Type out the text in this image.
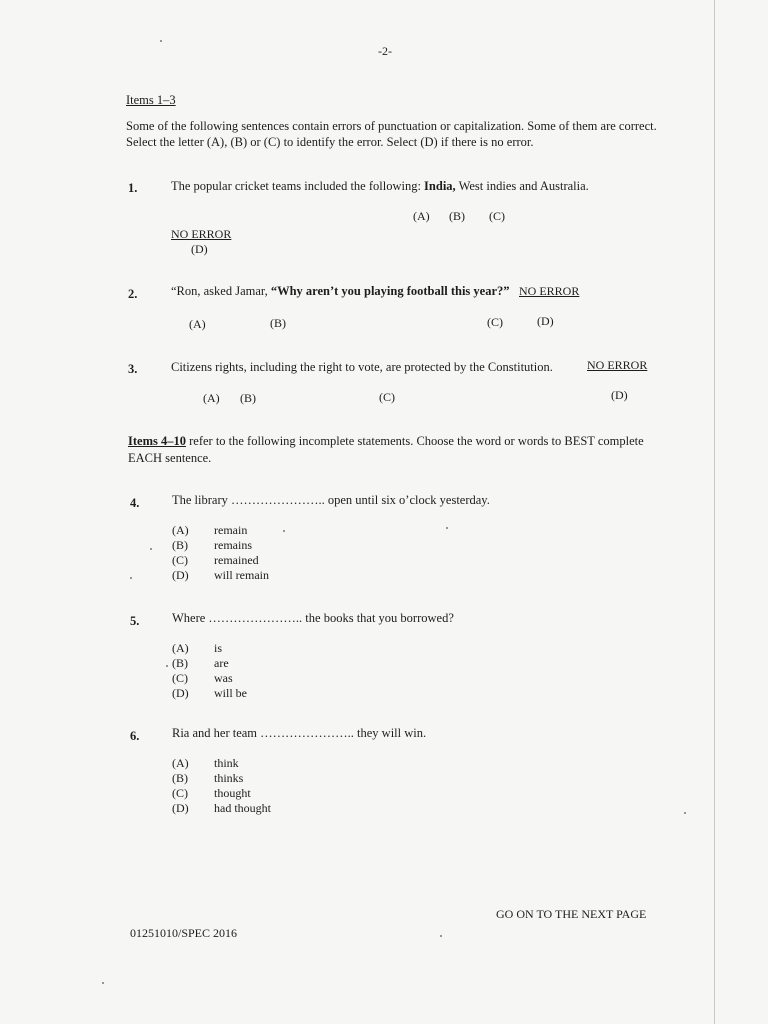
-2-
Items 1–3
Some of the following sentences contain errors of punctuation or capitalization. Some of them are correct. Select the letter (A), (B) or (C) to identify the error. Select (D) if there is no error.
1.	The popular cricket teams included the following: India, West indies and Australia.
(A) (B) (C)
NO ERROR
(D)
2.	“Ron, asked Jamar, “Why aren’t you playing football this year?” NO ERROR
(A)	(B)	(C)	(D)
3.	Citizens rights, including the right to vote, are protected by the Constitution.	NO ERROR
(A) (B)	(C)	(D)
Items 4–10 refer to the following incomplete statements. Choose the word or words to BEST complete
EACH sentence.
4.	The library ………………….. open until six o’clock yesterday.
(A)	remain
(B)	remains
(C)	remained
(D)	will remain
5.	Where ………………….. the books that you borrowed?
(A)	is
(B)	are
(C)	was
(D)	will be
6.	Ria and her team ………………….. they will win.
(A)	think
(B)	thinks
(C)	thought
(D)	had thought
GO ON TO THE NEXT PAGE
01251010/SPEC 2016
